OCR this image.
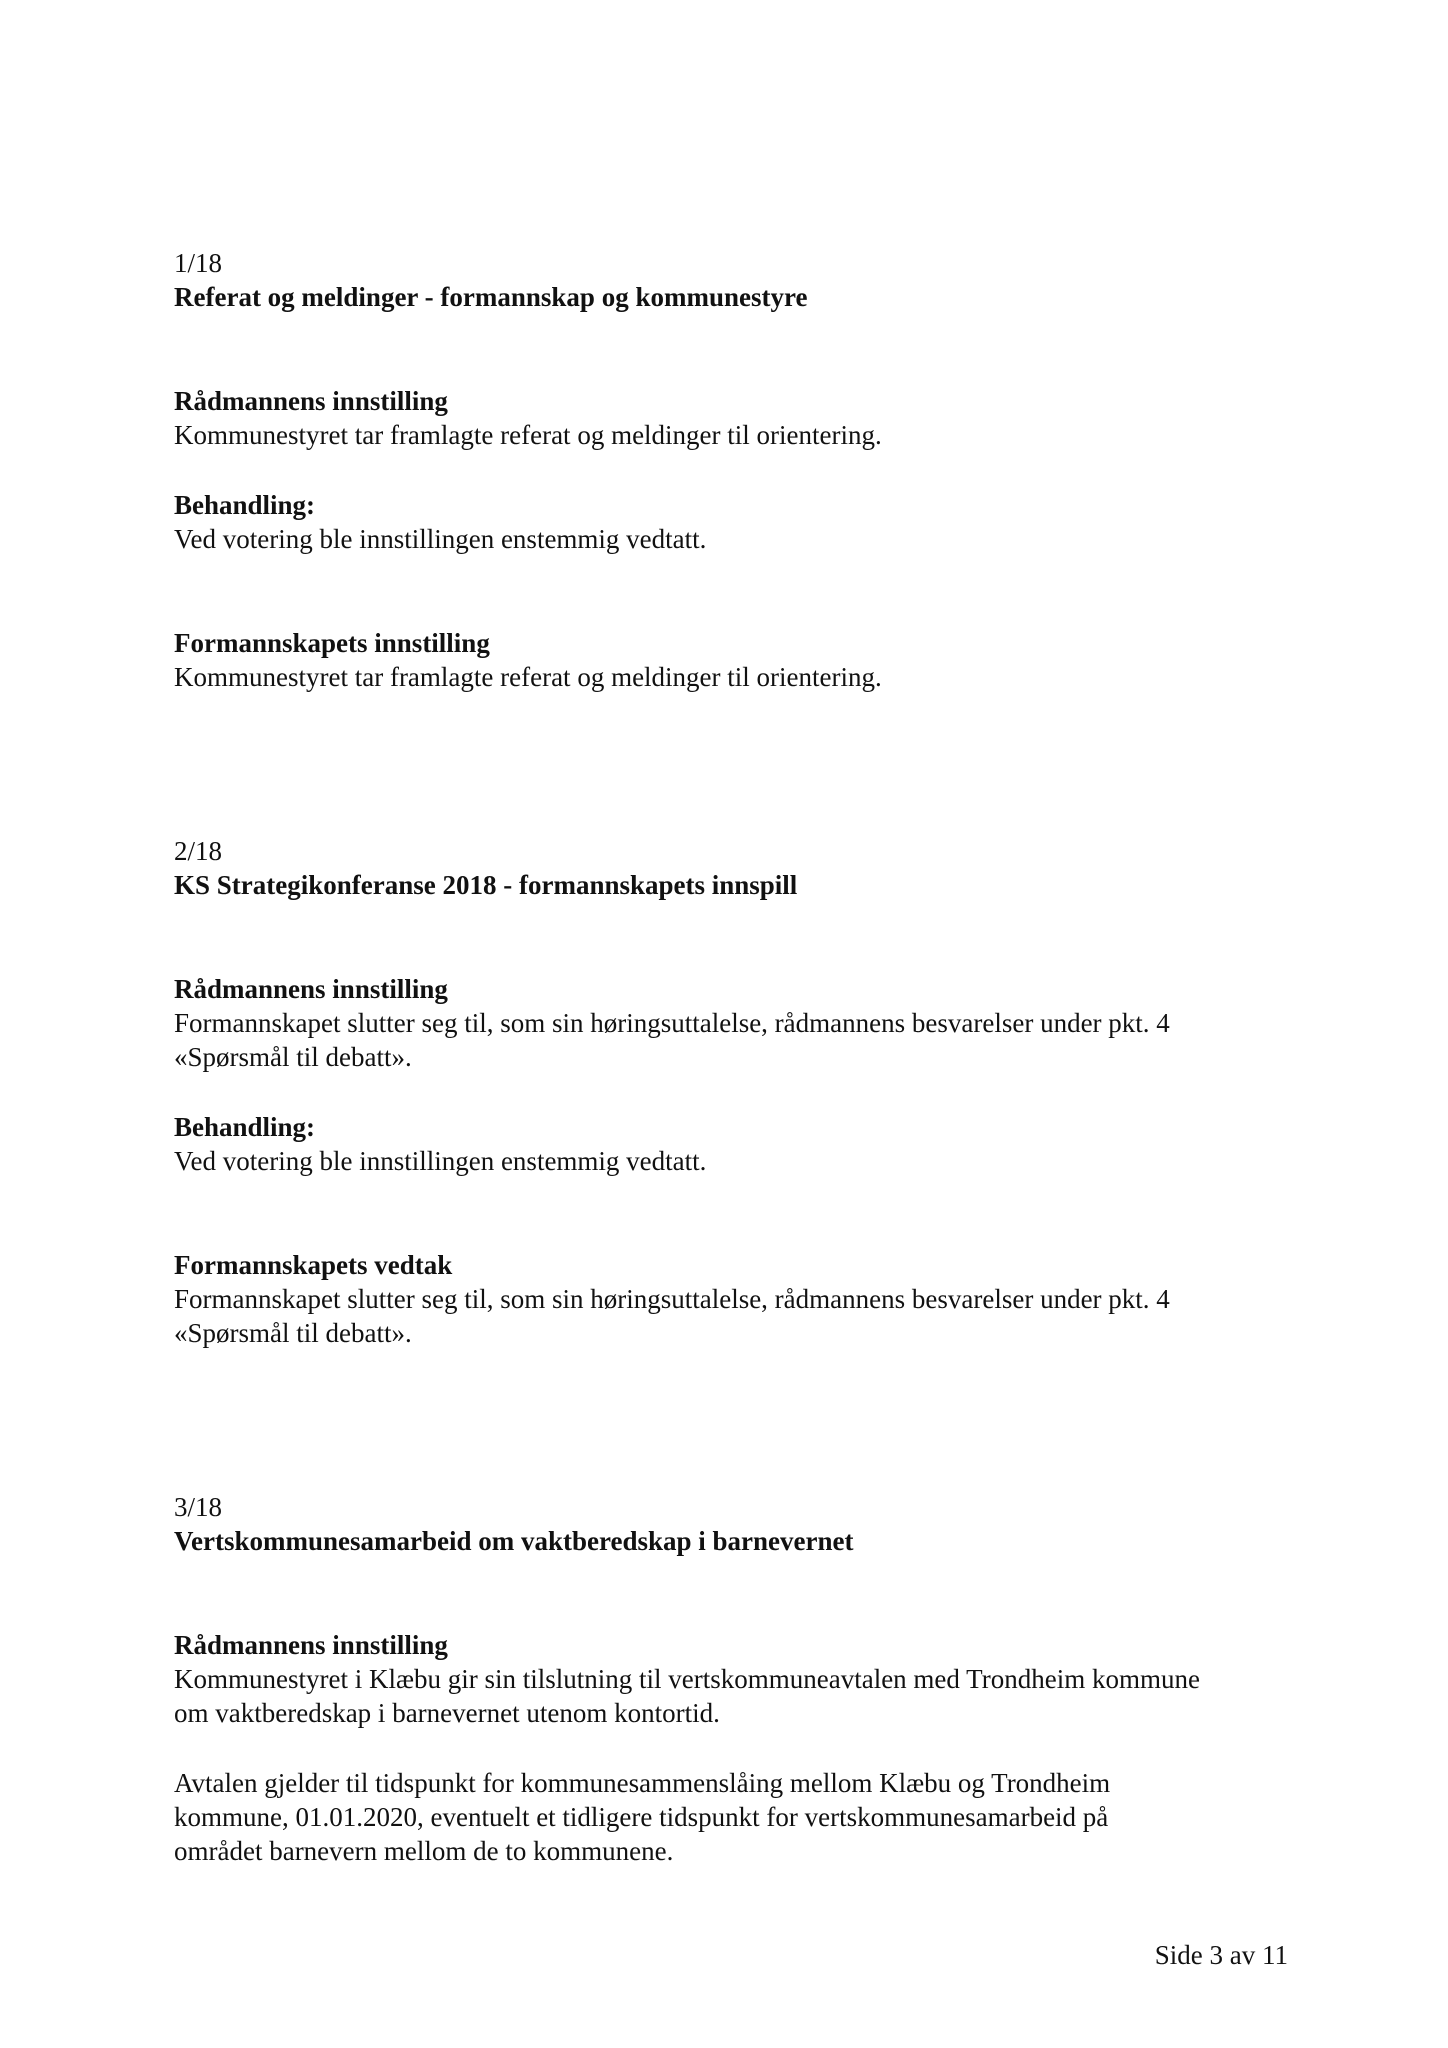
1/18
Referat og meldinger - formannskap og kommunestyre
Rådmannens innstilling
Kommunestyret tar framlagte referat og meldinger til orientering.
Behandling:
Ved votering ble innstillingen enstemmig vedtatt.
Formannskapets innstilling
Kommunestyret tar framlagte referat og meldinger til orientering.
2/18
KS Strategikonferanse 2018 - formannskapets innspill
Rådmannens innstilling
Formannskapet slutter seg til, som sin høringsuttalelse, rådmannens besvarelser under pkt. 4
«Spørsmål til debatt».
Behandling:
Ved votering ble innstillingen enstemmig vedtatt.
Formannskapets vedtak
Formannskapet slutter seg til, som sin høringsuttalelse, rådmannens besvarelser under pkt. 4
«Spørsmål til debatt».
3/18
Vertskommunesamarbeid om vaktberedskap i barnevernet
Rådmannens innstilling
Kommunestyret i Klæbu gir sin tilslutning til vertskommuneavtalen med Trondheim kommune
om vaktberedskap i barnevernet utenom kontortid.
Avtalen gjelder til tidspunkt for kommunesammenslåing mellom Klæbu og Trondheim
kommune, 01.01.2020, eventuelt et tidligere tidspunkt for vertskommunesamarbeid på
området barnevern mellom de to kommunene.
Side 3 av 11
